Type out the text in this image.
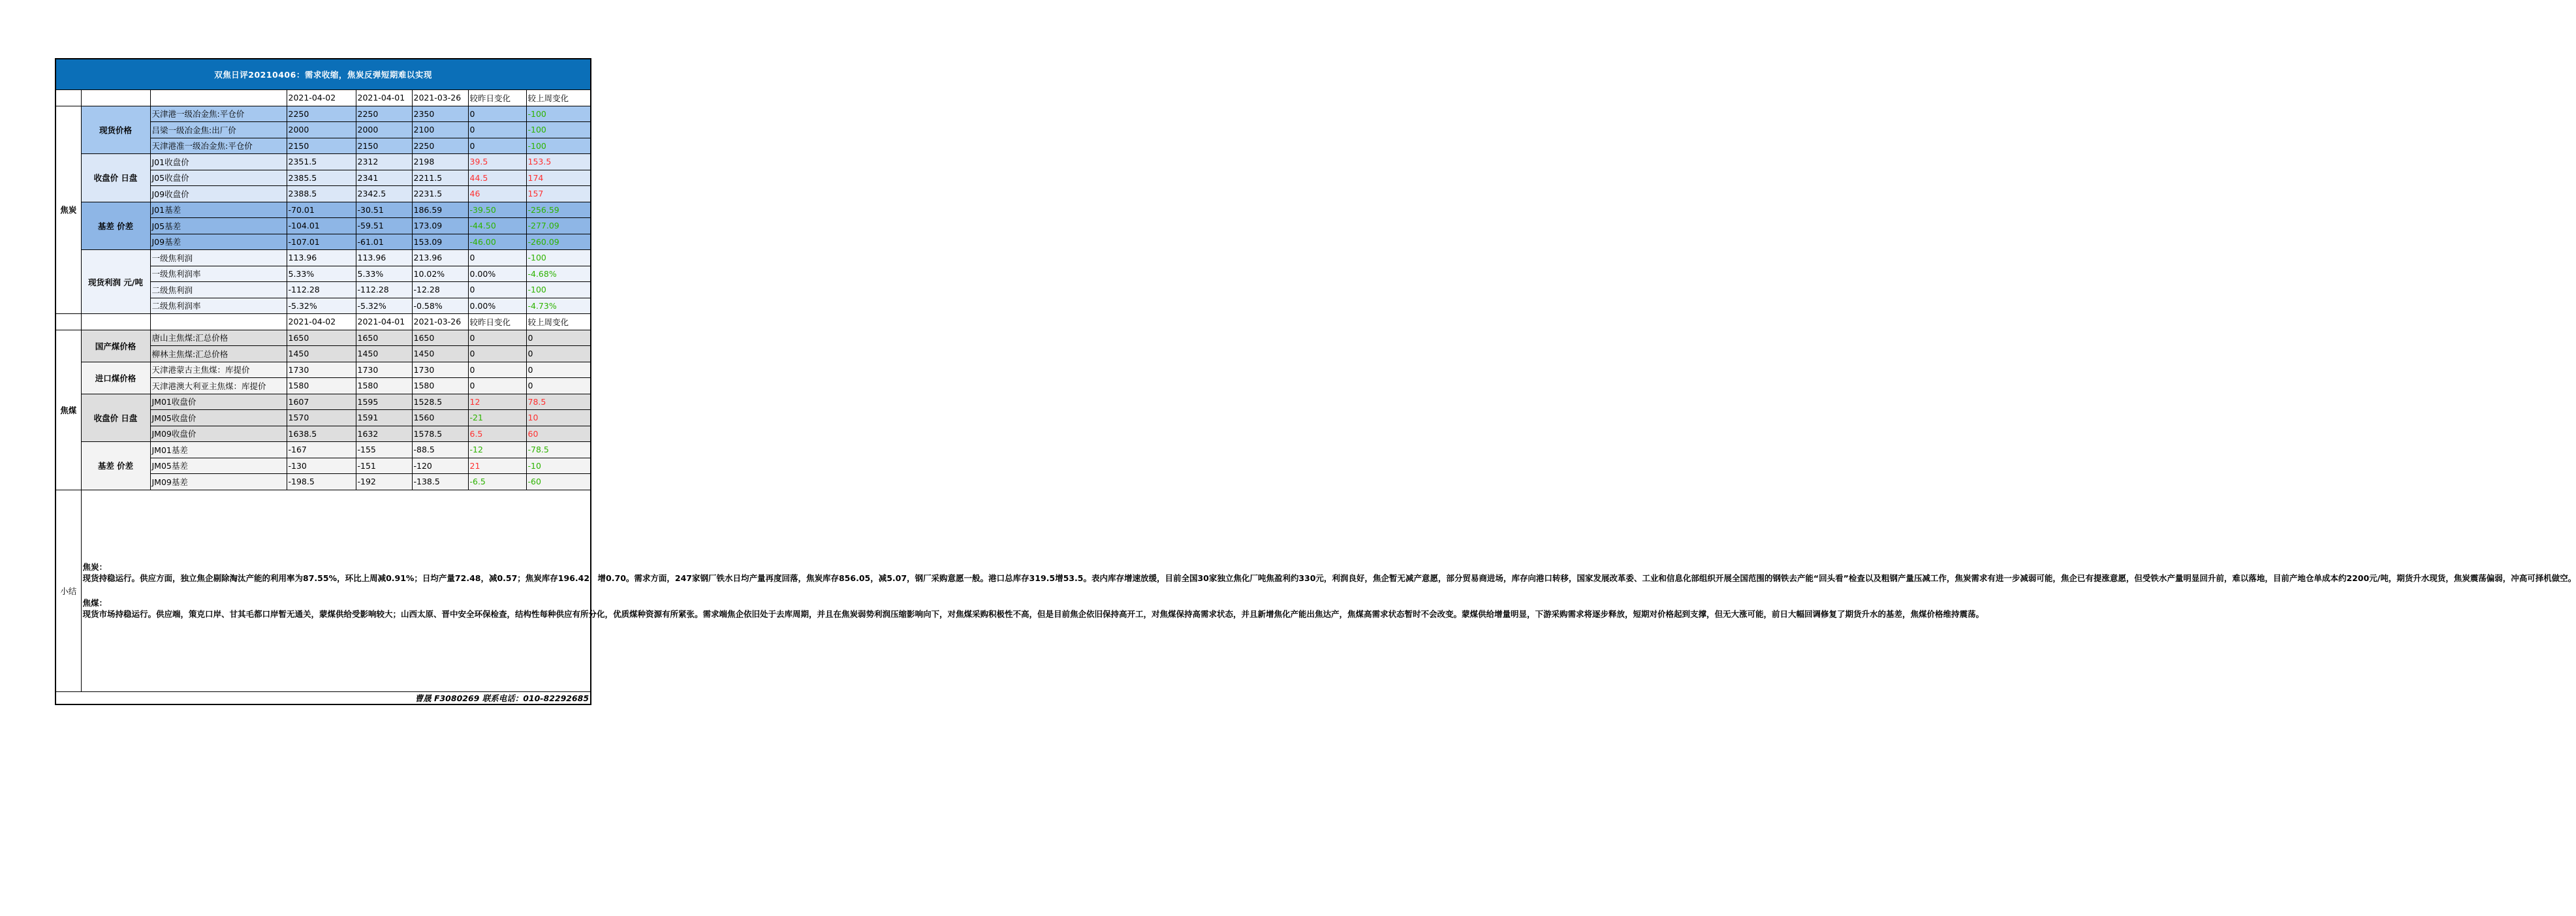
双焦日评20210406：需求收缩，焦炭反弹短期难以实现							
			2021-04-02	2021-04-01	2021-03-26	较昨日变化	较上周变化
焦炭	现货价格	天津港一级冶金焦:平仓价	2250	2250	2350	0	-100
		吕梁一级冶金焦:出厂价	2000	2000	2100	0	-100
		天津港准一级冶金焦:平仓价	2150	2150	2250	0	-100
	收盘价 日盘	J01收盘价	2351.5	2312	2198	39.5	153.5
		J05收盘价	2385.5	2341	2211.5	44.5	174
		J09收盘价	2388.5	2342.5	2231.5	46	157
	基差 价差	J01基差	-70.01	-30.51	186.59	-39.50	-256.59
		J05基差	-104.01	-59.51	173.09	-44.50	-277.09
		J09基差	-107.01	-61.01	153.09	-46.00	-260.09
	现货利润 元/吨	一级焦利润	113.96	113.96	213.96	0	-100
		一级焦利润率	5.33%	5.33%	10.02%	0.00%	-4.68%
		二级焦利润	-112.28	-112.28	-12.28	0	-100
		二级焦利润率	-5.32%	-5.32%	-0.58%	0.00%	-4.73%
			2021-04-02	2021-04-01	2021-03-26	较昨日变化	较上周变化
焦煤	国产煤价格	唐山主焦煤:汇总价格	1650	1650	1650	0	0
		柳林主焦煤:汇总价格	1450	1450	1450	0	0
	进口煤价格	天津港蒙古主焦煤：库提价	1730	1730	1730	0	0
		天津港澳大利亚主焦煤：库提价	1580	1580	1580	0	0
	收盘价 日盘	JM01收盘价	1607	1595	1528.5	12	78.5
		JM05收盘价	1570	1591	1560	-21	10
		JM09收盘价	1638.5	1632	1578.5	6.5	60
	基差 价差	JM01基差	-167	-155	-88.5	-12	-78.5
		JM05基差	-130	-151	-120	21	-10
		JM09基差	-198.5	-192	-138.5	-6.5	-60
小结	焦炭：
现货持稳运行。供应方面，独立焦企剔除淘汰产能的利用率为87.55%，环比上周减0.91%；日均产量72.48，减0.57；焦炭库存196.42，增0.70。需求方面，247家钢厂铁水日均产量再度回落，焦炭库存856.05，减5.07，钢厂采购意愿一般。港口总库存319.5增53.5。表内库存增速放缓，目前全国30家独立焦化厂吨焦盈利约330元，利润良好，焦企暂无减产意愿，部分贸易商进场，库存向港口转移，国家发展改革委、工业和信息化部组织开展全国范围的钢铁去产能“回头看”检查以及粗钢产量压减工作，焦炭需求有进一步减弱可能，焦企已有提涨意愿，但受铁水产量明显回升前，难以落地，目前产地仓单成本约2200元/吨，期货升水现货，焦炭震荡偏弱，冲高可择机做空。
焦煤：
现货市场持稳运行。供应端，策克口岸、甘其毛都口岸暂无通关，蒙煤供给受影响较大；山西太原、晋中安全环保检查，结构性每种供应有所分化，优质煤种资源有所紧张。需求端焦企依旧处于去库周期，并且在焦炭弱势利润压缩影响向下，对焦煤采购积极性不高，但是目前焦企依旧保持高开工，对焦煤保持高需求状态，并且新增焦化产能出焦达产，焦煤高需求状态暂时不会改变。蒙煤供给增量明显，下游采购需求将逐步释放，短期对价格起到支撑，但无大涨可能，前日大幅回调修复了期货升水的基差，焦煤价格维持震荡。						

曹晟 F3080269 联系电话：010-82292685							
